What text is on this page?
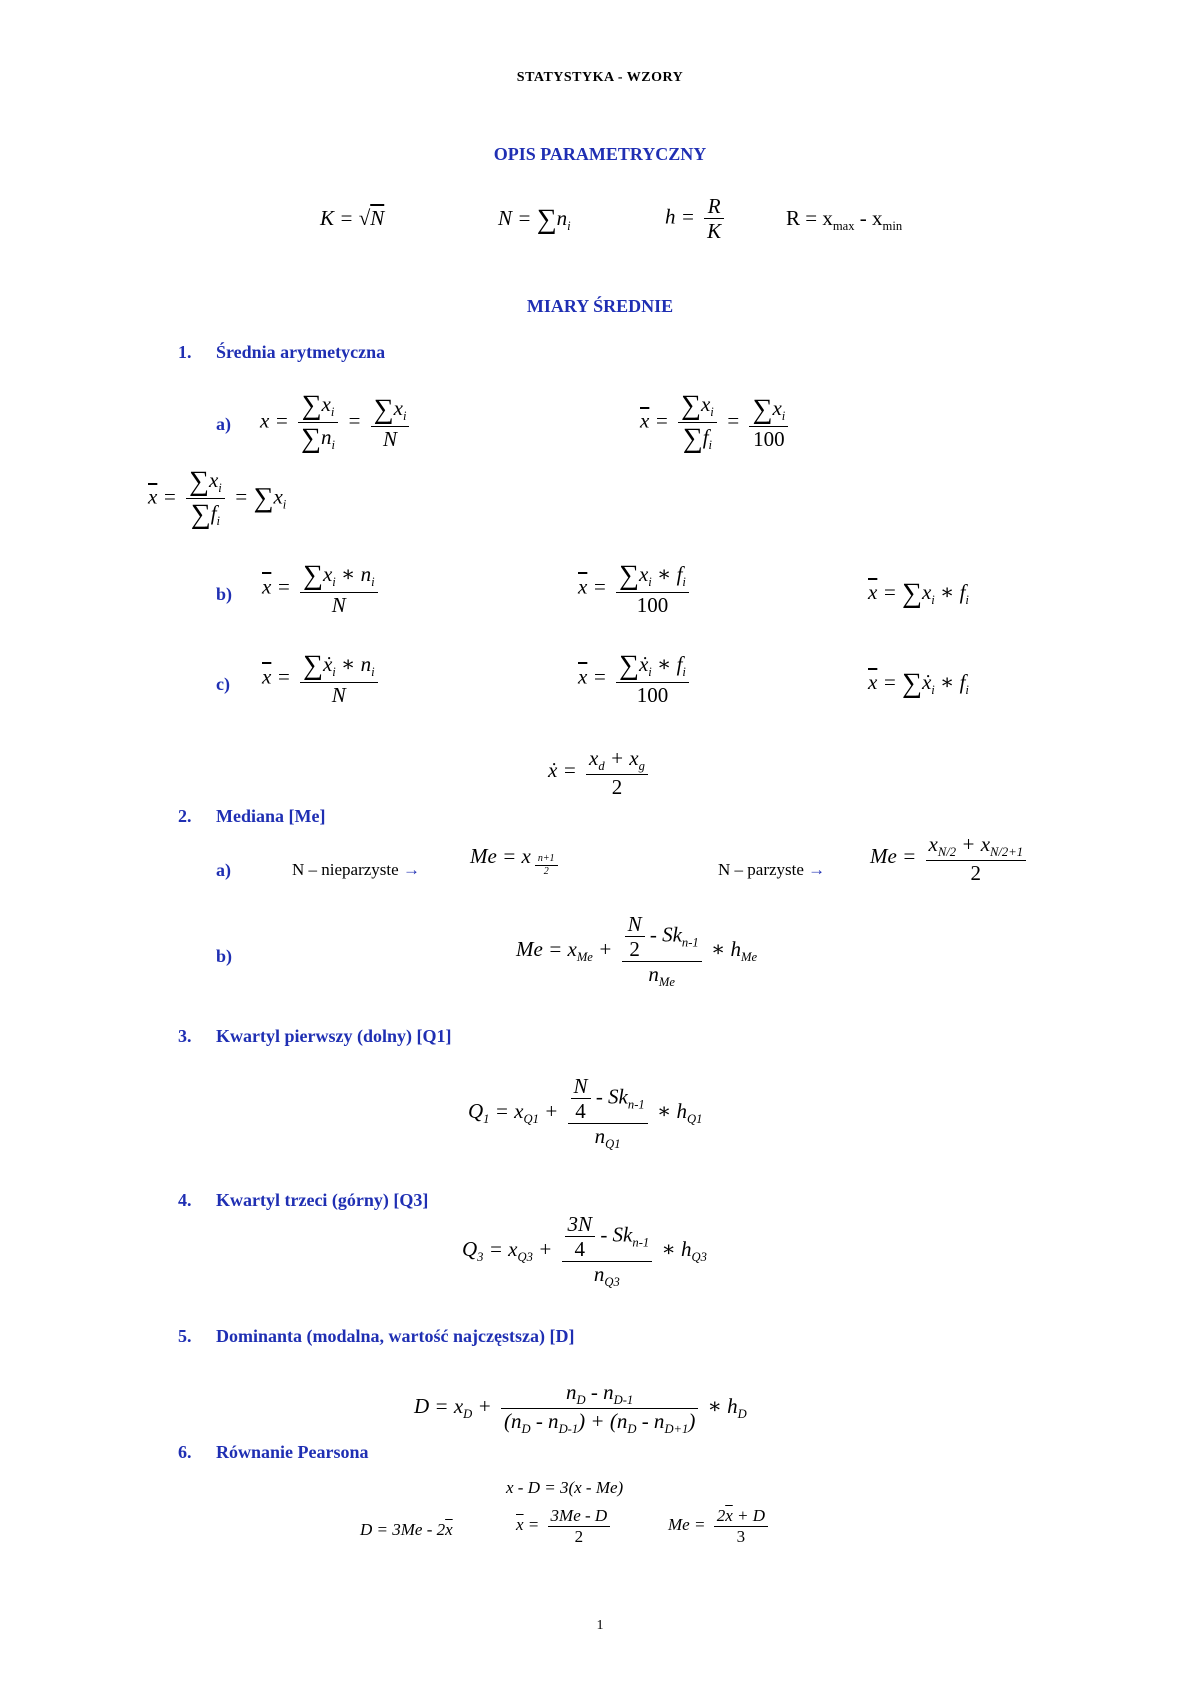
STATYSTYKA - WZORY
OPIS PARAMETRYCZNY
K = √N	$N = \sum n_i$	$h = \frac{R}{K}$	$R = x_{max} - x_{min}$
MIARY ŚREDNIE
1. Średnia arytmetyczna
a) $x = \frac{\sum x_i}{\sum n_i} = \frac{\sum x_i}{N}$	$\overline{x} = \frac{\sum x_i}{\sum f_i} = \frac{\sum x_i}{100}$
$\overline{x} = \frac{\sum x_i}{\sum f_i} = \sum x_i$
b) $\overline{x} = \frac{\sum x_i ∗ n_i}{N}$	$\overline{x} = \frac{\sum x_i ∗ f_i}{100}$	$\overline{x} = \sum x_i$ ∗ $f_i$
c) $\overline{x} = \frac{\sum ẋ_i ∗ n_i}{N}$	$\overline{x} = \frac{\sum ẋ_i ∗ f_i}{100}$	$\overline{x}$ = ∑ẋ$_i$ ∗ $f_i$
ẋ = $\frac{x_d + x_g}{2}$
2. Mediana [Me]
a)	N – nieparzyste →
Me = x $_{\frac{n+1}{2}}$	N – parzyste →
$Me = \frac{x_{N/2} + x_{N/2+1}}{2}$
b)	$Me = x_{Me} + \frac{\frac{N}{2} - Sk_{n-1}}{n_{Me}}$ ∗ $h_{Me}$
3. Kwartyl pierwszy (dolny) [Q1]
$Q_1 = x_{Q1} + \frac{\frac{N}{4} - Sk_{n-1}}{n_{Q1}}$ ∗ $h_{Q1}$
4. Kwartyl trzeci (górny) [Q3]
$Q_3 = x_{Q3} + \frac{\frac{3N}{4} - Sk_{n-1}}{n_{Q3}}$ ∗ $h_{Q3}$
5. Dominanta (modalna, wartość najczęstsza) [D]
$D = x_D + \frac{n_D - n_{D-1}}{(n_D - n_{D-1}) + (n_D - n_{D+1})}$ ∗ $h_D$
6. Równanie Pearsona
x - D = 3(x - Me)
$D = 3Me - 2\overline{x}$	$\overline{x} = \frac{3Me - D}{2}$	$Me = \frac{2\overline{x} + D}{3}$
1
